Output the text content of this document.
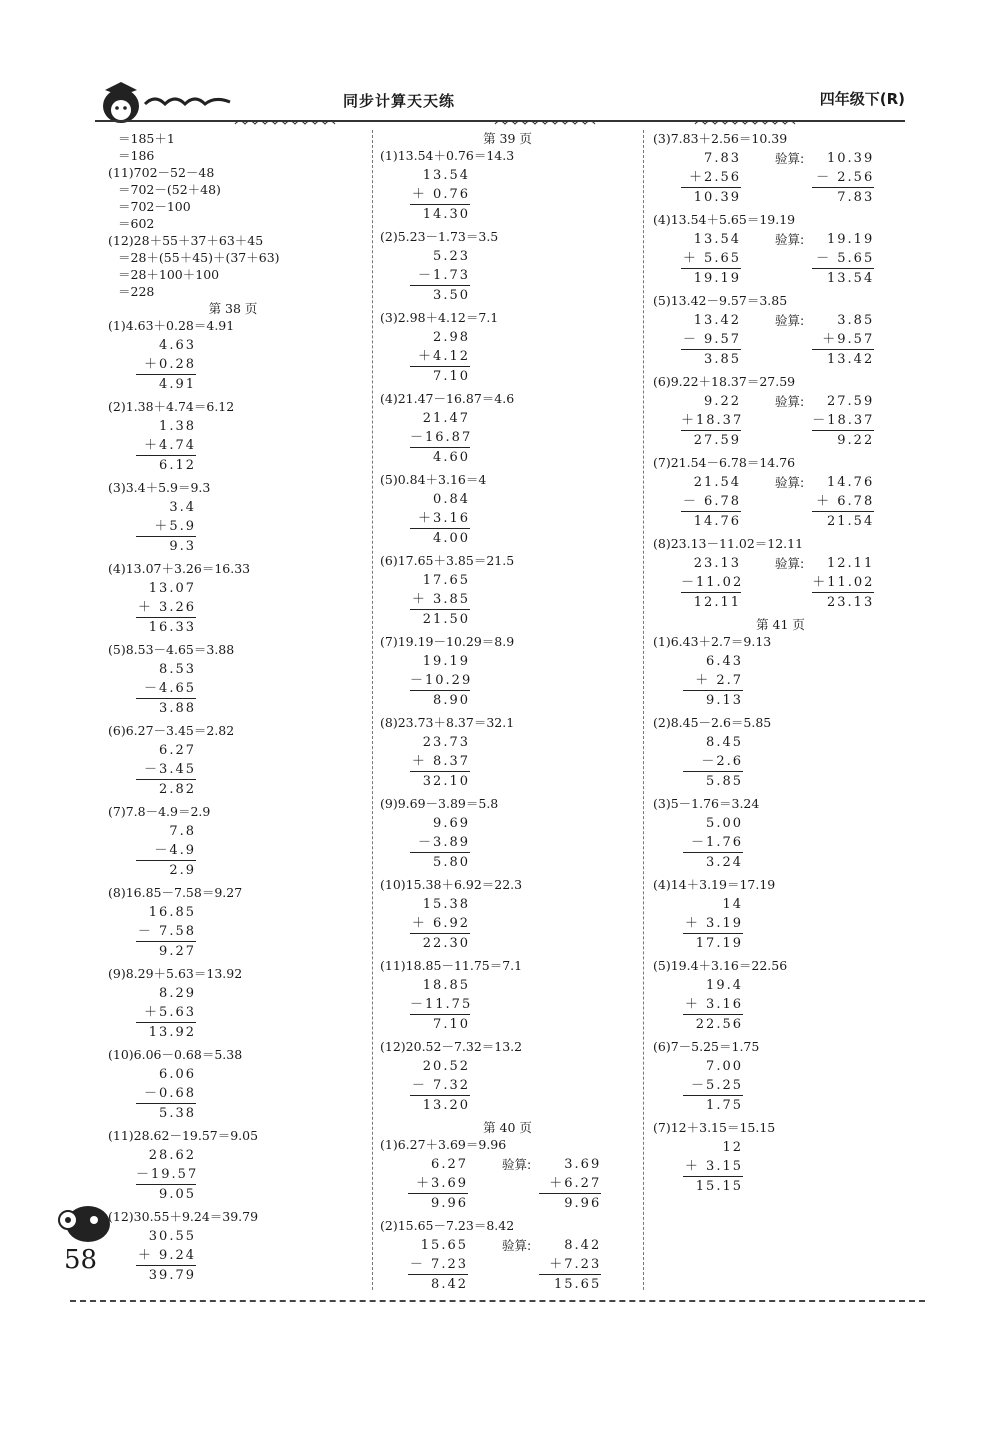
同步计算天天练	四年级下(R)
＝185＋1
＝186
(11)702－52－48
＝702－(52＋48)
＝702－100
＝602
(12)28＋55＋37＋63＋45
＝28＋(55＋45)＋(37＋63)
＝28＋100＋100
＝228
第 38 页
(1)4.63＋0.28＝4.91
4.63
＋0.28
4.91
(2)1.38＋4.74＝6.12
1.38
＋4.74
6.12
(3)3.4＋5.9＝9.3
3.4
＋5.9
9.3
(4)13.07＋3.26＝16.33
13.07
＋ 3.26
16.33
(5)8.53－4.65＝3.88
8.53
－4.65
3.88
(6)6.27－3.45＝2.82
6.27
－3.45
2.82
(7)7.8－4.9＝2.9
7.8
－4.9
2.9
(8)16.85－7.58＝9.27
16.85
－ 7.58
9.27
(9)8.29＋5.63＝13.92
8.29
＋5.63
13.92
(10)6.06－0.68＝5.38
6.06
－0.68
5.38
(11)28.62－19.57＝9.05
28.62
－19.57
9.05
(12)30.55＋9.24＝39.79
30.55
＋ 9.24
39.79
第 39 页
(1)13.54＋0.76＝14.3
13.54
＋ 0.76
14.30
(2)5.23－1.73＝3.5
5.23
－1.73
3.50
(3)2.98＋4.12＝7.1
2.98
＋4.12
7.10
(4)21.47－16.87＝4.6
21.47
－16.87
4.60
(5)0.84＋3.16＝4
0.84
＋3.16
4.00
(6)17.65＋3.85＝21.5
17.65
＋ 3.85
21.50
(7)19.19－10.29＝8.9
19.19
－10.29
8.90
(8)23.73＋8.37＝32.1
23.73
＋ 8.37
32.10
(9)9.69－3.89＝5.8
9.69
－3.89
5.80
(10)15.38＋6.92＝22.3
15.38
＋ 6.92
22.30
(11)18.85－11.75＝7.1
18.85
－11.75
7.10
(12)20.52－7.32＝13.2
20.52
－ 7.32
13.20
第 40 页
(1)6.27＋3.69＝9.96
6.27
＋3.69
9.96
验算:	3.69
＋6.27
9.96
(2)15.65－7.23＝8.42
15.65
－ 7.23
8.42
验算:	8.42
＋7.23
15.65
(3)7.83＋2.56＝10.39
7.83
＋2.56
10.39
验算:	10.39
－ 2.56
7.83
(4)13.54＋5.65＝19.19
13.54
＋ 5.65
19.19
验算:	19.19
－ 5.65
13.54
(5)13.42－9.57＝3.85
13.42
－ 9.57
3.85
验算:	3.85
＋9.57
13.42
(6)9.22＋18.37＝27.59
9.22
＋18.37
27.59
验算:	27.59
－18.37
9.22
(7)21.54－6.78＝14.76
21.54
－ 6.78
14.76
验算:	14.76
＋ 6.78
21.54
(8)23.13－11.02＝12.11
23.13
－11.02
12.11
验算:	12.11
＋11.02
23.13
第 41 页
(1)6.43＋2.7＝9.13
6.43
＋ 2.7
9.13
(2)8.45－2.6＝5.85
8.45
－2.6
5.85
(3)5－1.76＝3.24
5.00
－1.76
3.24
(4)14＋3.19＝17.19
14
＋ 3.19
17.19
(5)19.4＋3.16＝22.56
19.4
＋ 3.16
22.56
(6)7－5.25＝1.75
7.00
－5.25
1.75
(7)12＋3.15＝15.15
12
＋ 3.15
15.15
58
